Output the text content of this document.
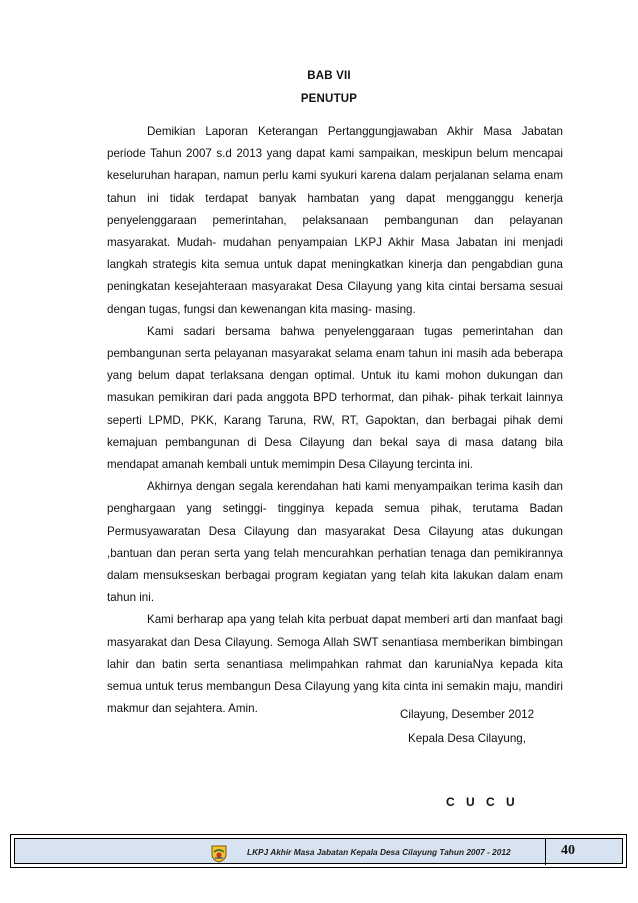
BAB VII
PENUTUP

Demikian Laporan Keterangan Pertanggungjawaban Akhir Masa Jabatan periode Tahun 2007 s.d 2013 yang dapat kami sampaikan, meskipun belum mencapai keseluruhan harapan, namun perlu kami syukuri karena dalam perjalanan selama enam tahun ini tidak terdapat banyak hambatan yang dapat mengganggu kenerja penyelenggaraan pemerintahan, pelaksanaan pembangunan dan pelayanan masyarakat. Mudah- mudahan penyampaian LKPJ Akhir Masa Jabatan ini menjadi langkah strategis kita semua untuk dapat meningkatkan kinerja dan pengabdian guna peningkatan kesejahteraan masyarakat Desa Cilayung yang kita cintai bersama sesuai dengan tugas, fungsi dan kewenangan kita masing- masing.

Kami sadari bersama bahwa penyelenggaraan tugas pemerintahan dan pembangunan serta pelayanan masyarakat selama enam tahun ini masih ada beberapa yang belum dapat terlaksana dengan optimal. Untuk itu kami mohon dukungan dan masukan pemikiran dari pada anggota BPD terhormat, dan pihak- pihak terkait lainnya seperti LPMD, PKK, Karang Taruna, RW, RT, Gapoktan, dan berbagai pihak demi kemajuan pembangunan di Desa Cilayung dan bekal saya di masa datang bila mendapat amanah kembali untuk memimpin Desa Cilayung tercinta ini.

Akhirnya dengan segala kerendahan hati kami menyampaikan terima kasih dan penghargaan yang setinggi- tingginya kepada semua pihak, terutama Badan Permusyawaratan Desa Cilayung dan masyarakat Desa Cilayung atas dukungan ,bantuan dan peran serta yang telah mencurahkan perhatian tenaga dan pemikirannya dalam mensukseskan berbagai program kegiatan yang telah kita lakukan dalam enam tahun ini.

Kami berharap apa yang telah kita perbuat dapat memberi arti dan manfaat bagi masyarakat dan Desa Cilayung. Semoga Allah SWT senantiasa memberikan bimbingan lahir dan batin serta senantiasa melimpahkan rahmat dan karuniaNya kepada kita semua untuk terus membangun Desa Cilayung yang kita cinta ini semakin maju, mandiri makmur dan sejahtera. Amin.	Cilayung, Desember 2012
Kepala Desa Cilayung,
C U C U
LKPJ Akhir Masa Jabatan Kepala Desa Cilayung Tahun 2007 - 2012	40
